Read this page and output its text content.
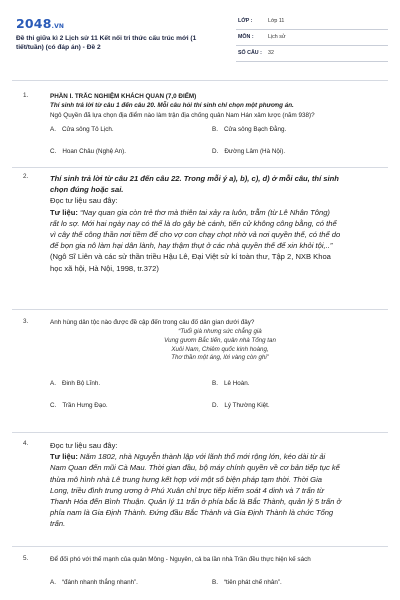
2048.VN
Đề thi giữa kì 2 Lịch sử 11 Kết nối tri thức cấu trúc mới (1 tiết/tuần) (có đáp án) - Đề 2
LỚP :	Lớp 11
MÔN :	Lịch sử
SỐ CÂU : 32
1.	PHẦN I. TRẮC NGHIỆM KHÁCH QUAN (7,0 ĐIỂM)
Thí sinh trả lời từ câu 1 đến câu 20. Mỗi câu hỏi thí sinh chỉ chọn một phương án.
Ngô Quyền đã lựa chọn địa điểm nào làm trận địa chống quân Nam Hán xâm lược (năm 938)?
A. Cửa sông Tô Lịch.	B. Cửa sông Bạch Đằng.
C. Hoan Châu (Nghệ An).	D. Đường Lâm (Hà Nội).
2.	Thí sinh trả lời từ câu 21 đến câu 22. Trong mỗi ý a), b), c), d) ở mỗi câu, thí sinh
chọn đúng hoặc sai.
Đọc tư liệu sau đây:
Tư liệu: “Nay quan gia còn trẻ thơ mà thiên tai xảy ra luôn, trẫm (từ Lê Nhân Tông)
rất lo sợ. Mới hai ngày nay có thể là do gây bè cánh, tiến cử không công bằng, có thể
vì cây thế công thần nơi tiềm để cho vợ con chạy chọt nhờ vả nơi quyền thế, có thể do
để bọn gia nô làm hại dân lành, hay thậm thụt ở các nhà quyền thế để xin khỏi tội,..”
(Ngô Sĩ Liên và các sử thần triều Hậu Lê, Đại Việt sử kí toàn thư, Tập 2, NXB Khoa
học xã hội, Hà Nội, 1998, tr.372)
3.	Anh hùng dân tộc nào được đề cập đến trong câu đố dân gian dưới đây?
“Tuổi già nhưng sức chẳng già
Vung gươm Bắc tiến, quân nhà Tống tan
Xuôi Nam, Chiêm quốc kinh hoàng,
Thơ thần một áng, lời vàng còn ghi”
A. Đinh Bộ Lĩnh.	B. Lê Hoàn.
C. Trần Hưng Đạo.	D. Lý Thường Kiệt.
4.	Đọc tư liệu sau đây:
Tư liệu: Năm 1802, nhà Nguyễn thành lập với lãnh thổ mới rộng lớn, kéo dài từ ải
Nam Quan đến mũi Cà Mau. Thời gian đầu, bộ máy chính quyền về cơ bản tiếp tục kế
thừa mô hình nhà Lê trung hưng kết hợp với một số biện pháp tạm thời. Thời Gia
Long, triều đình trung ương ở Phú Xuân chỉ trực tiếp kiểm soát 4 dinh và 7 trấn từ
Thanh Hóa đến Bình Thuận. Quản lý 11 trấn ở phía bắc là Bắc Thành, quản lý 5 trấn ở
phía nam là Gia Định Thành. Đứng đầu Bắc Thành và Gia Định Thành là chức Tổng
trấn.
5.	Để đối phó với thế mạnh của quân Mông - Nguyên, cả ba lần nhà Trần đều thực hiện kế sách
A. “đánh nhanh thắng nhanh”.	B. “tiên phát chế nhân”.
